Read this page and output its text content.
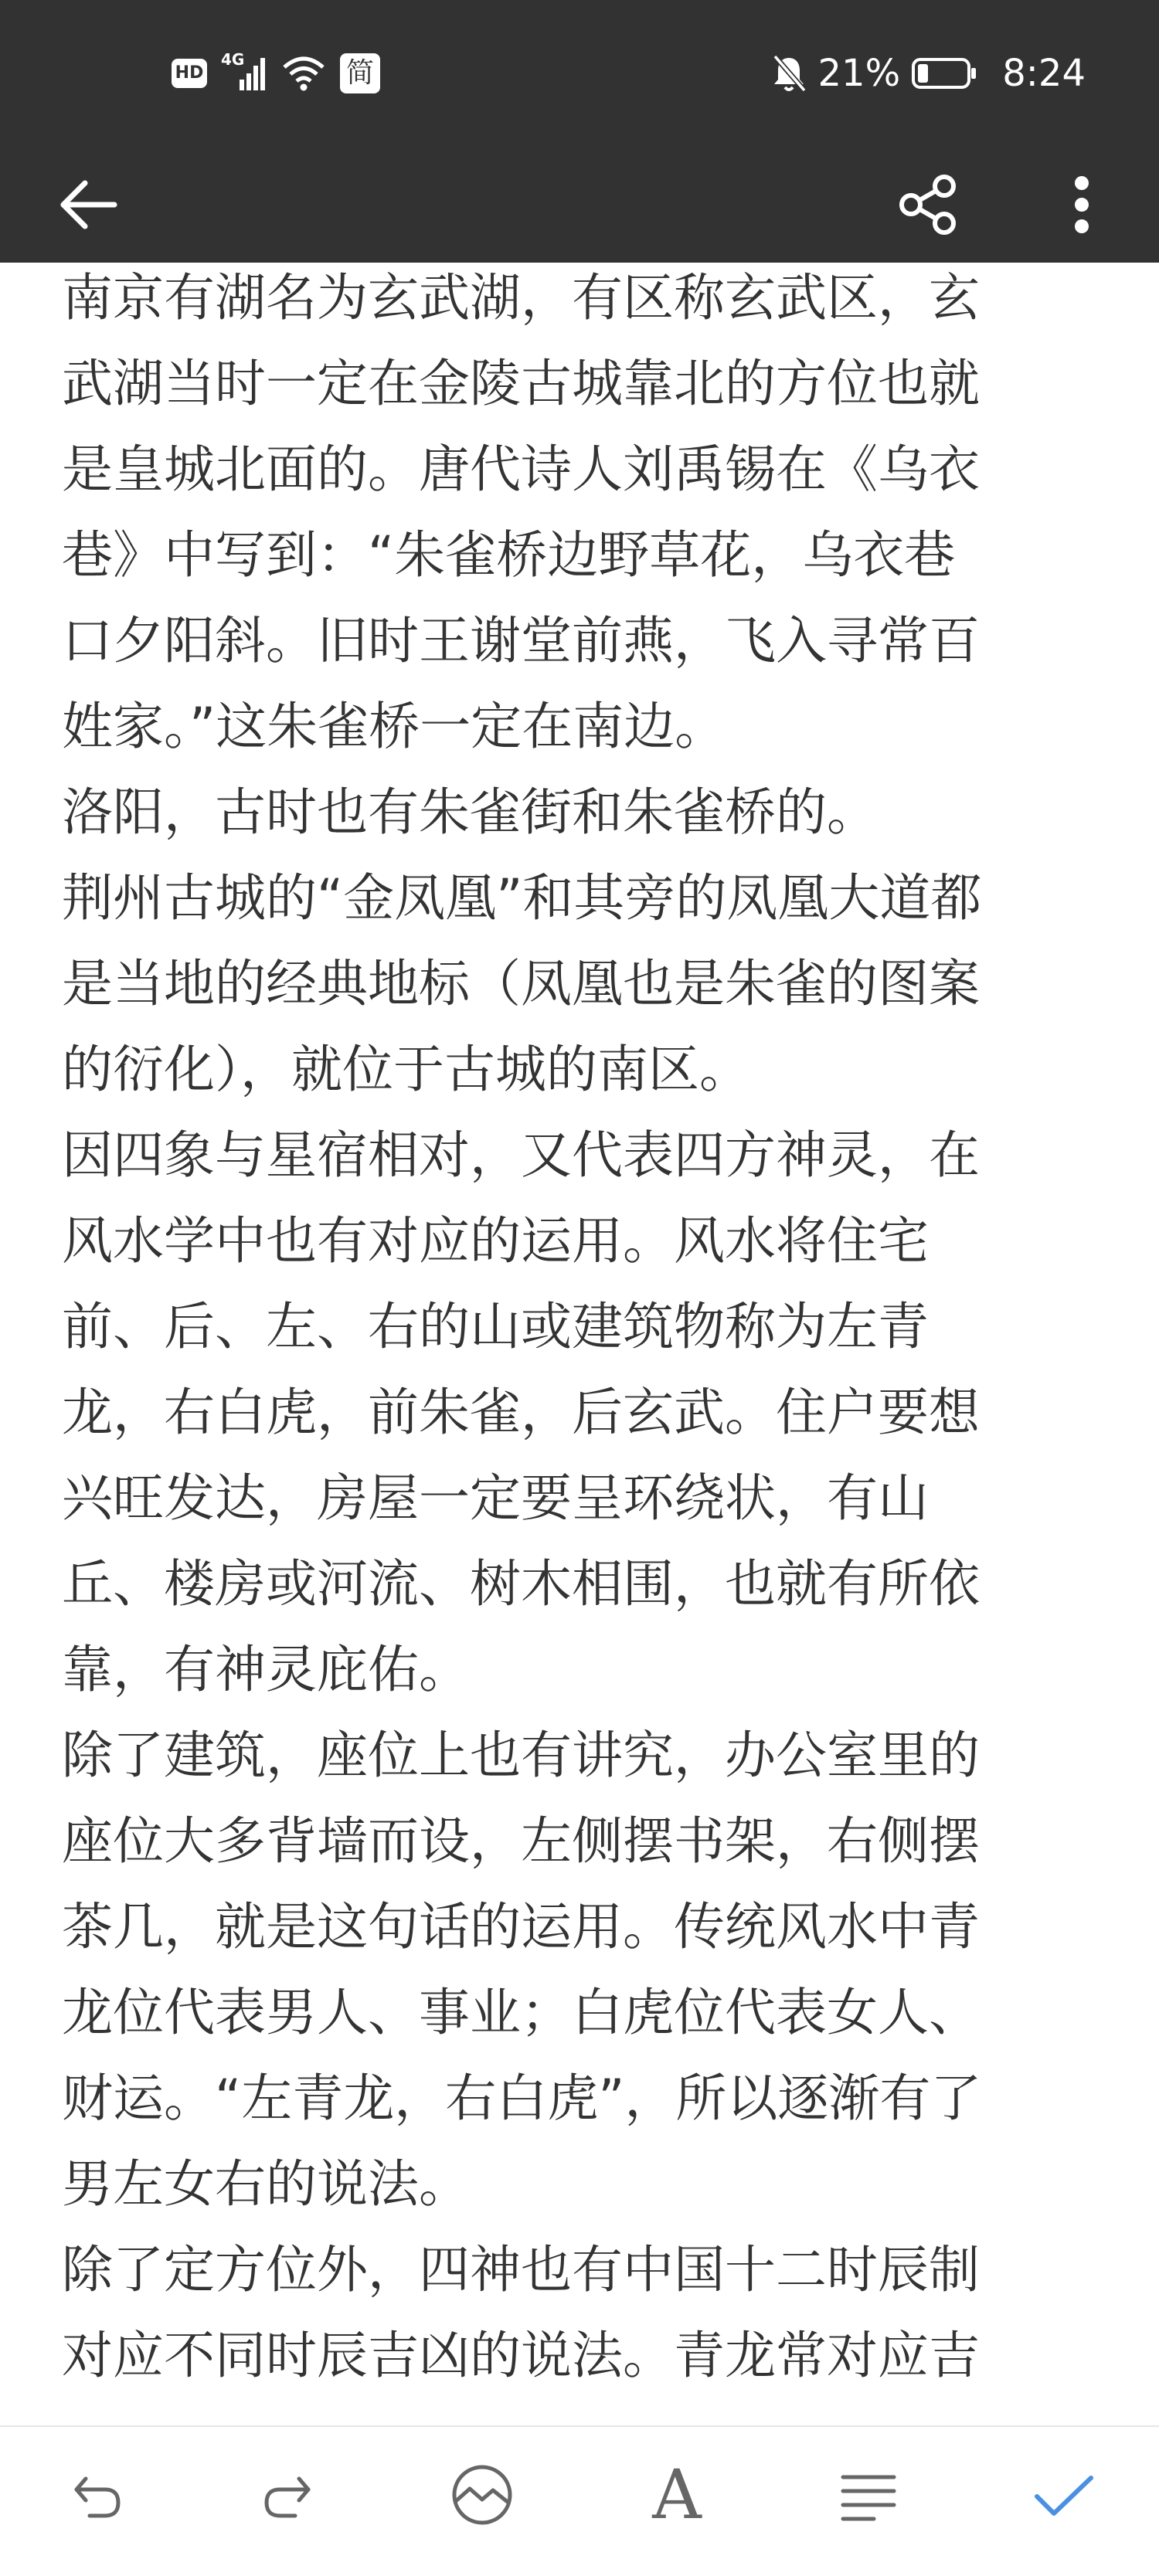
HD
4G	简	21%	8:24
南京有湖名为玄武湖，有区称玄武区，玄
武湖当时一定在金陵古城靠北的方位也就
是皇城北面的。唐代诗人刘禹锡在《乌衣
巷》中写到：“朱雀桥边野草花，乌衣巷
口夕阳斜。旧时王谢堂前燕，飞入寻常百
姓家。”这朱雀桥一定在南边。
洛阳，古时也有朱雀街和朱雀桥的。
荆州古城的“金凤凰”和其旁的凤凰大道都
是当地的经典地标（凤凰也是朱雀的图案
的衍化），就位于古城的南区。
因四象与星宿相对，又代表四方神灵，在
风水学中也有对应的运用。风水将住宅
前、后、左、右的山或建筑物称为左青
龙，右白虎，前朱雀，后玄武。住户要想
兴旺发达，房屋一定要呈环绕状，有山
丘、楼房或河流、树木相围，也就有所依
靠，有神灵庇佑。
除了建筑，座位上也有讲究，办公室里的
座位大多背墙而设，左侧摆书架，右侧摆
茶几，就是这句话的运用。传统风水中青
龙位代表男人、事业；白虎位代表女人、
财运。“左青龙，右白虎”，所以逐渐有了
男左女右的说法。
除了定方位外，四神也有中国十二时辰制
对应不同时辰吉凶的说法。青龙常对应吉
A
